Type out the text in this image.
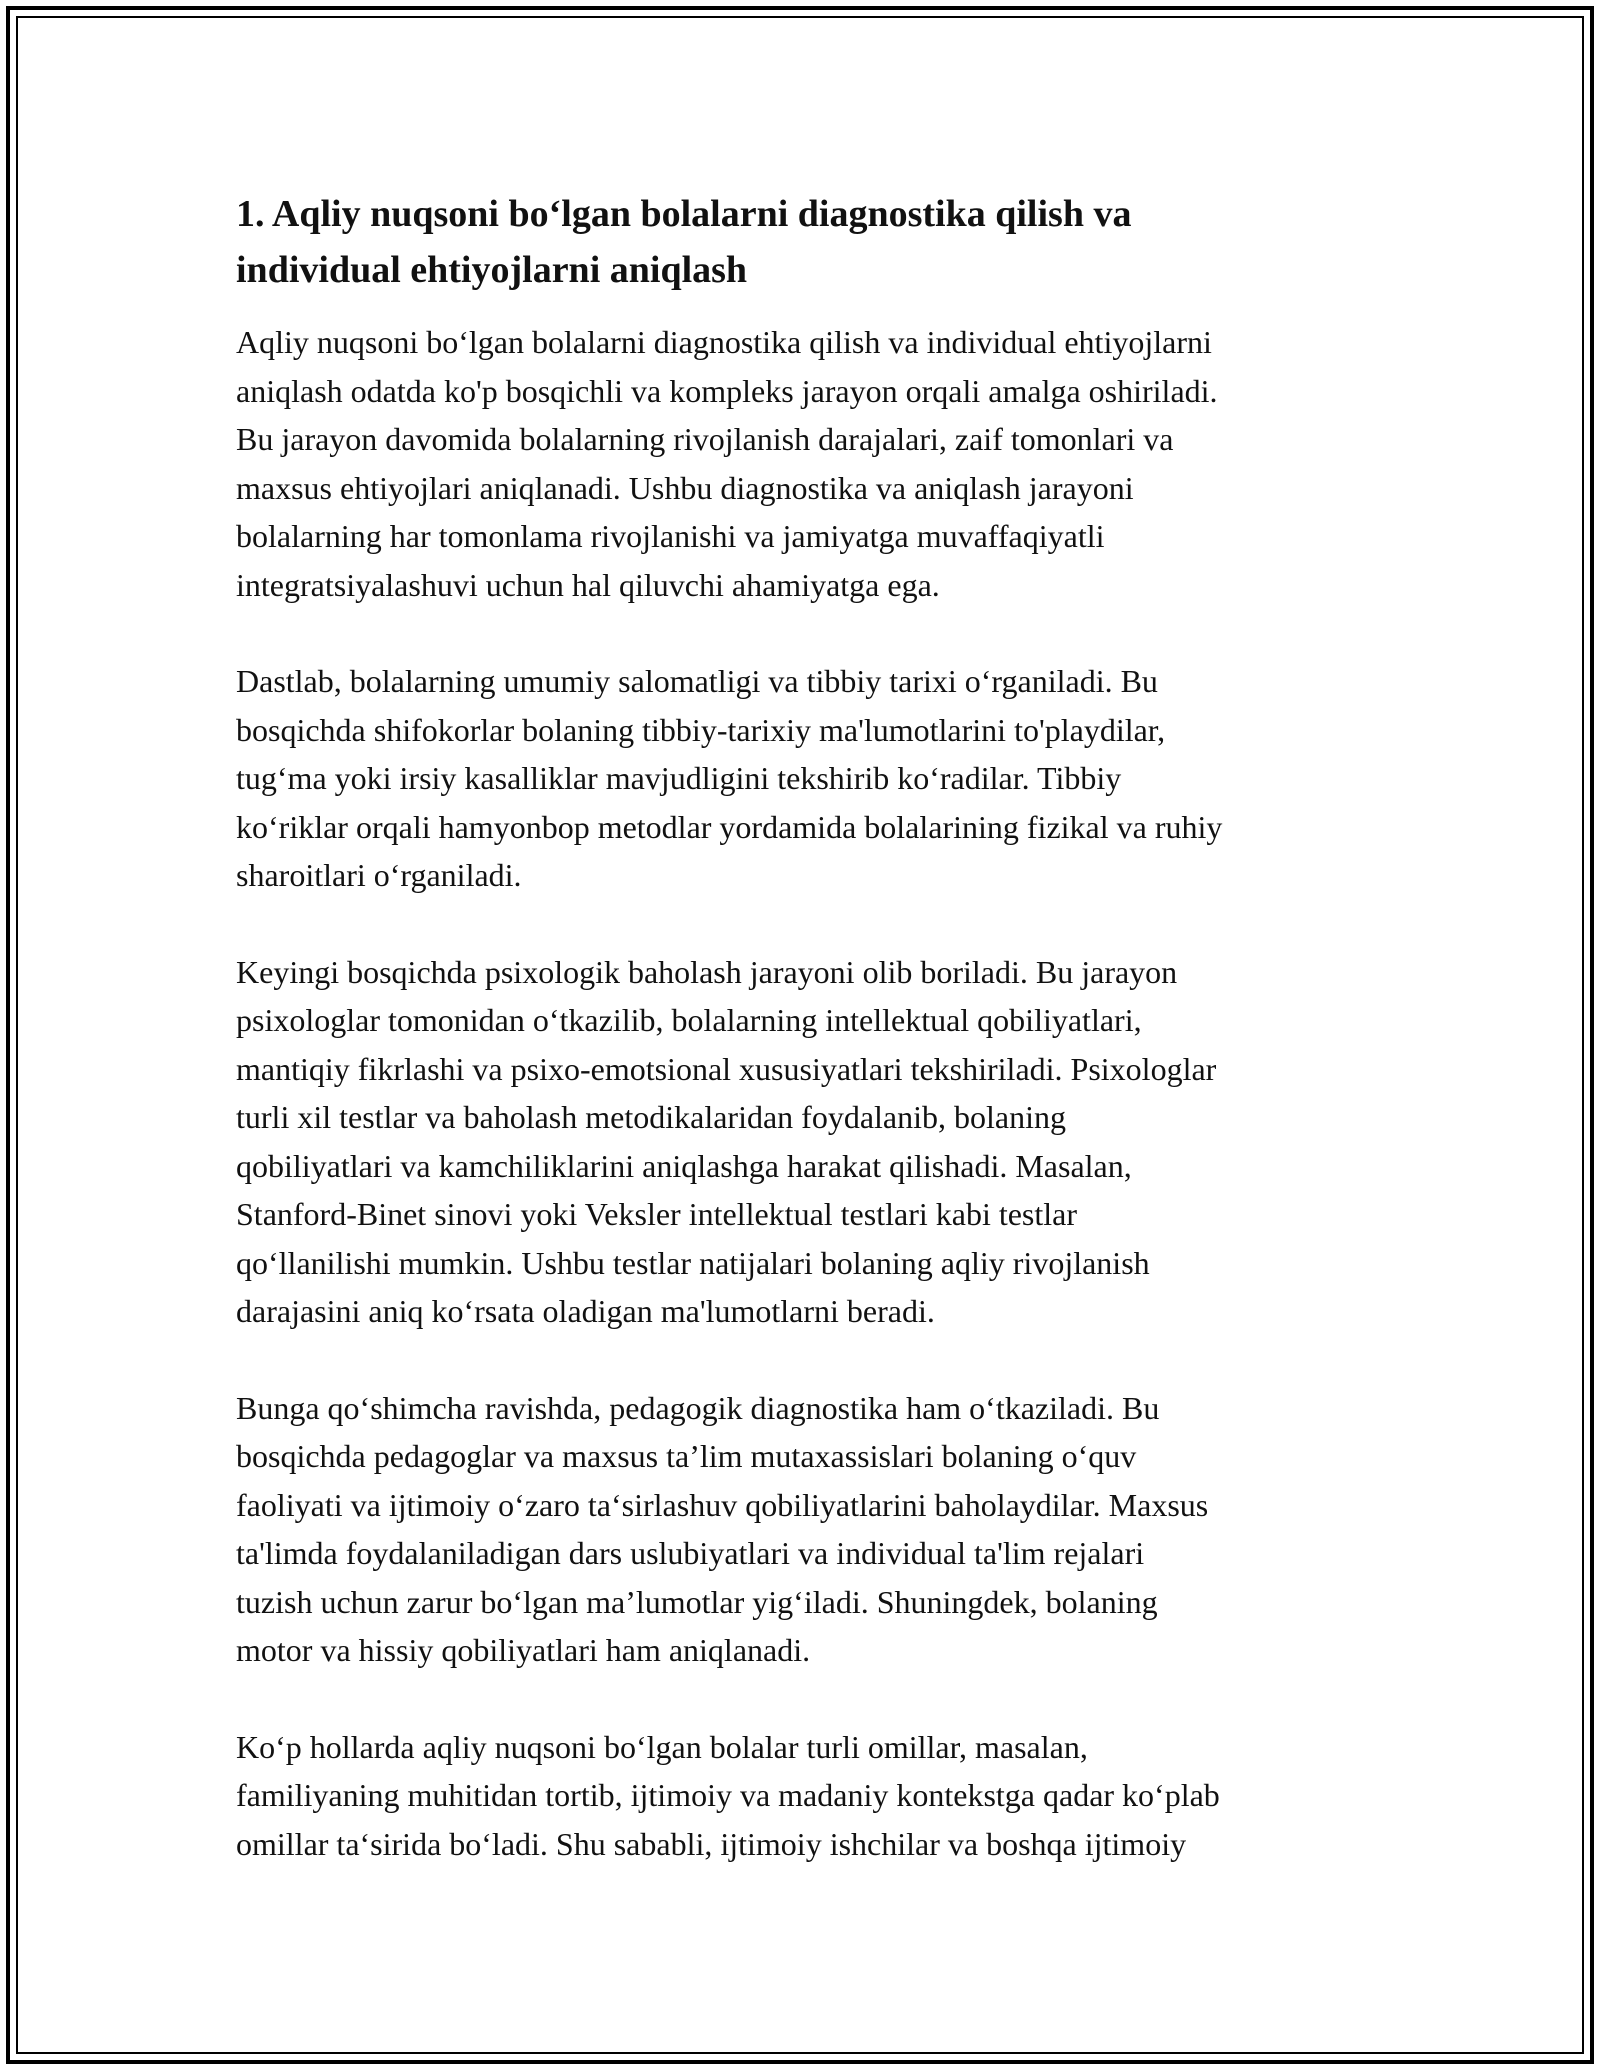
1. Aqliy nuqsoni bo‘lgan bolalarni diagnostika qilish va
individual ehtiyojlarni aniqlash

Aqliy nuqsoni bo‘lgan bolalarni diagnostika qilish va individual ehtiyojlarni
aniqlash odatda ko'p bosqichli va kompleks jarayon orqali amalga oshiriladi.
Bu jarayon davomida bolalarning rivojlanish darajalari, zaif tomonlari va
maxsus ehtiyojlari aniqlanadi. Ushbu diagnostika va aniqlash jarayoni
bolalarning har tomonlama rivojlanishi va jamiyatga muvaffaqiyatli
integratsiyalashuvi uchun hal qiluvchi ahamiyatga ega.

Dastlab, bolalarning umumiy salomatligi va tibbiy tarixi o‘rganiladi. Bu
bosqichda shifokorlar bolaning tibbiy-tarixiy ma'lumotlarini to'playdilar,
tug‘ma yoki irsiy kasalliklar mavjudligini tekshirib ko‘radilar. Tibbiy
ko‘riklar orqali hamyonbop metodlar yordamida bolalarining fizikal va ruhiy
sharoitlari o‘rganiladi.

Keyingi bosqichda psixologik baholash jarayoni olib boriladi. Bu jarayon
psixologlar tomonidan o‘tkazilib, bolalarning intellektual qobiliyatlari,
mantiqiy fikrlashi va psixo-emotsional xususiyatlari tekshiriladi. Psixologlar
turli xil testlar va baholash metodikalaridan foydalanib, bolaning
qobiliyatlari va kamchiliklarini aniqlashga harakat qilishadi. Masalan,
Stanford-Binet sinovi yoki Veksler intellektual testlari kabi testlar
qo‘llanilishi mumkin. Ushbu testlar natijalari bolaning aqliy rivojlanish
darajasini aniq ko‘rsata oladigan ma'lumotlarni beradi.

Bunga qo‘shimcha ravishda, pedagogik diagnostika ham o‘tkaziladi. Bu
bosqichda pedagoglar va maxsus ta’lim mutaxassislari bolaning o‘quv
faoliyati va ijtimoiy o‘zaro ta‘sirlashuv qobiliyatlarini baholaydilar. Maxsus
ta'limda foydalaniladigan dars uslubiyatlari va individual ta'lim rejalari
tuzish uchun zarur bo‘lgan ma’lumotlar yig‘iladi. Shuningdek, bolaning
motor va hissiy qobiliyatlari ham aniqlanadi.

Ko‘p hollarda aqliy nuqsoni bo‘lgan bolalar turli omillar, masalan,
familiyaning muhitidan tortib, ijtimoiy va madaniy kontekstga qadar ko‘plab
omillar ta‘sirida bo‘ladi. Shu sababli, ijtimoiy ishchilar va boshqa ijtimoiy
